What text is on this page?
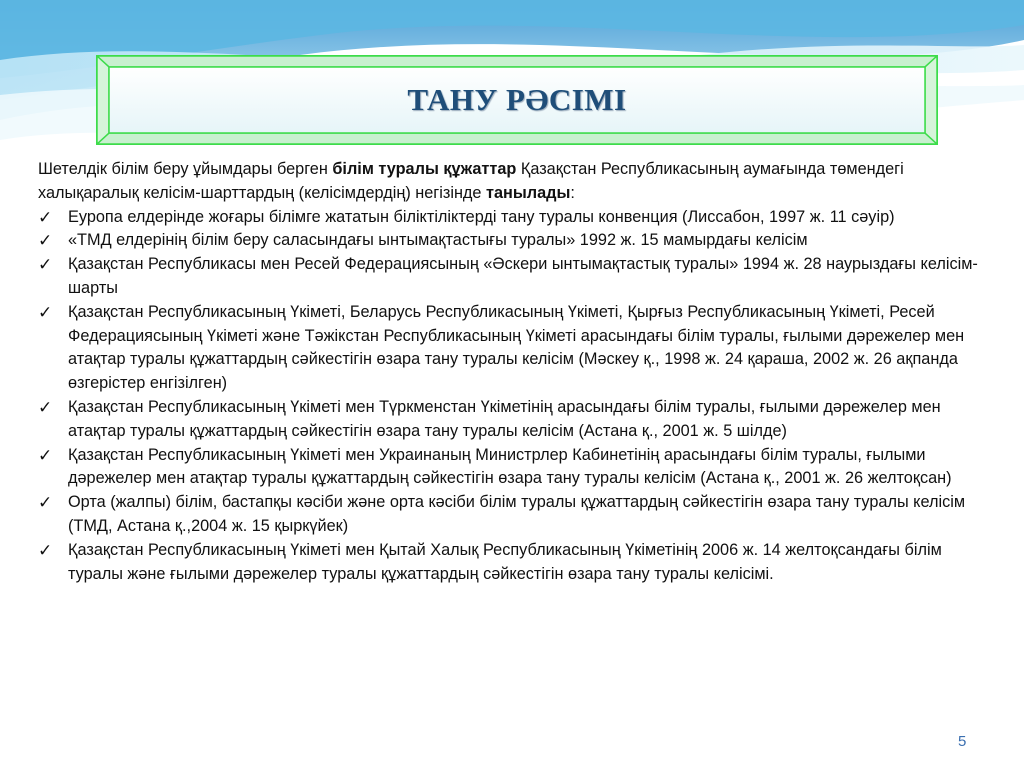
ТАНУ РӘСІМІ

Шетелдік білім беру ұйымдары берген білім туралы құжаттар Қазақстан Республикасының аумағында төмендегі халықаралық келісім-шарттардың (келісімдердің) негізінде танылады:

✓ Еуропа елдерінде жоғары білімге жататын біліктіліктерді тану туралы конвенция (Лиссабон, 1997 ж. 11 сәуір)
✓ «ТМД елдерінің білім беру саласындағы ынтымақтастығы туралы» 1992 ж. 15 мамырдағы келісім
✓ Қазақстан Республикасы мен Ресей Федерациясының «Әскери ынтымақтастық туралы» 1994 ж. 28 наурыздағы келісім-шарты
✓ Қазақстан Республикасының Үкіметі, Беларусь Республикасының Үкіметі, Қырғыз Республикасының Үкіметі, Ресей Федерациясының Үкіметі және Тәжікстан Республикасының Үкіметі арасындағы білім туралы, ғылыми дәрежелер мен атақтар туралы құжаттардың сәйкестігін өзара тану туралы келісім (Мәскеу қ., 1998 ж. 24 қараша, 2002 ж. 26 ақпанда өзгерістер енгізілген)
✓ Қазақстан Республикасының Үкіметі мен Түркменстан Үкіметінің арасындағы білім туралы, ғылыми дәрежелер мен атақтар туралы құжаттардың сәйкестігін өзара тану туралы келісім (Астана қ., 2001 ж. 5 шілде)
✓ Қазақстан Республикасының Үкіметі мен Украинаның Министрлер Кабинетінің арасындағы білім туралы, ғылыми дәрежелер мен атақтар туралы құжаттардың сәйкестігін өзара тану туралы келісім (Астана қ., 2001 ж. 26 желтоқсан)
✓ Орта (жалпы) білім, бастапқы кәсіби және орта кәсіби білім туралы құжаттардың сәйкестігін өзара тану туралы келісім (ТМД, Астана қ.,2004 ж. 15 қыркүйек)
✓ Қазақстан Республикасының Үкіметі мен Қытай Халық Республикасының Үкіметінің 2006 ж. 14 желтоқсандағы білім туралы және ғылыми дәрежелер туралы құжаттардың сәйкестігін өзара тану туралы келісімі.
5
